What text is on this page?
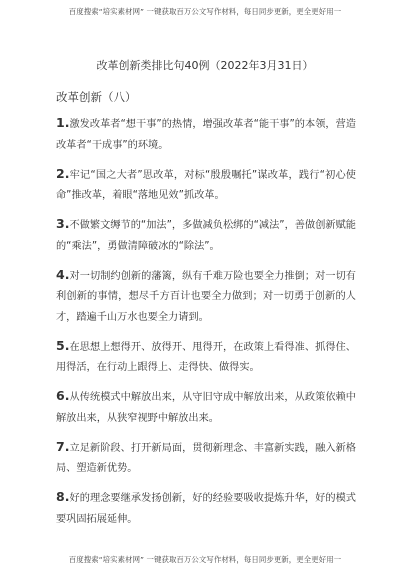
百度搜索“培实素材网” 一键获取百万公文写作材料，每日同步更新，更全更好用一
改革创新类排比句40例（2022年3月31日）
改革创新（八）

1.激发改革者“想干事”的热情，增强改革者“能干事”的本领，营造改革者“干成事”的环境。

2.牢记“国之大者”思改革，对标“殷殷嘱托”谋改革，践行“初心使命”推改革，着眼“落地见效”抓改革。

3.不做繁文缛节的“加法”，多做减负松绑的“减法”，善做创新赋能的“乘法”，勇做清障破冰的“除法”。

4.对一切制约创新的藩篱，纵有千难万险也要全力推倒；对一切有利创新的事情，想尽千方百计也要全力做到；对一切勇于创新的人才，踏遍千山万水也要全力请到。

5.在思想上想得开、放得开、甩得开，在政策上看得准、抓得住、用得活，在行动上跟得上、走得快、做得实。

6.从传统模式中解放出来，从守旧守成中解放出来，从政策依赖中解放出来，从狭窄视野中解放出来。

7.立足新阶段、打开新局面，贯彻新理念、丰富新实践，融入新格局、塑造新优势。

8.好的理念要继承发扬创新，好的经验要吸收提炼升华，好的模式要巩固拓展延伸。

百度搜索“培实素材网” 一键获取百万公文写作材料，每日同步更新，更全更好用一
